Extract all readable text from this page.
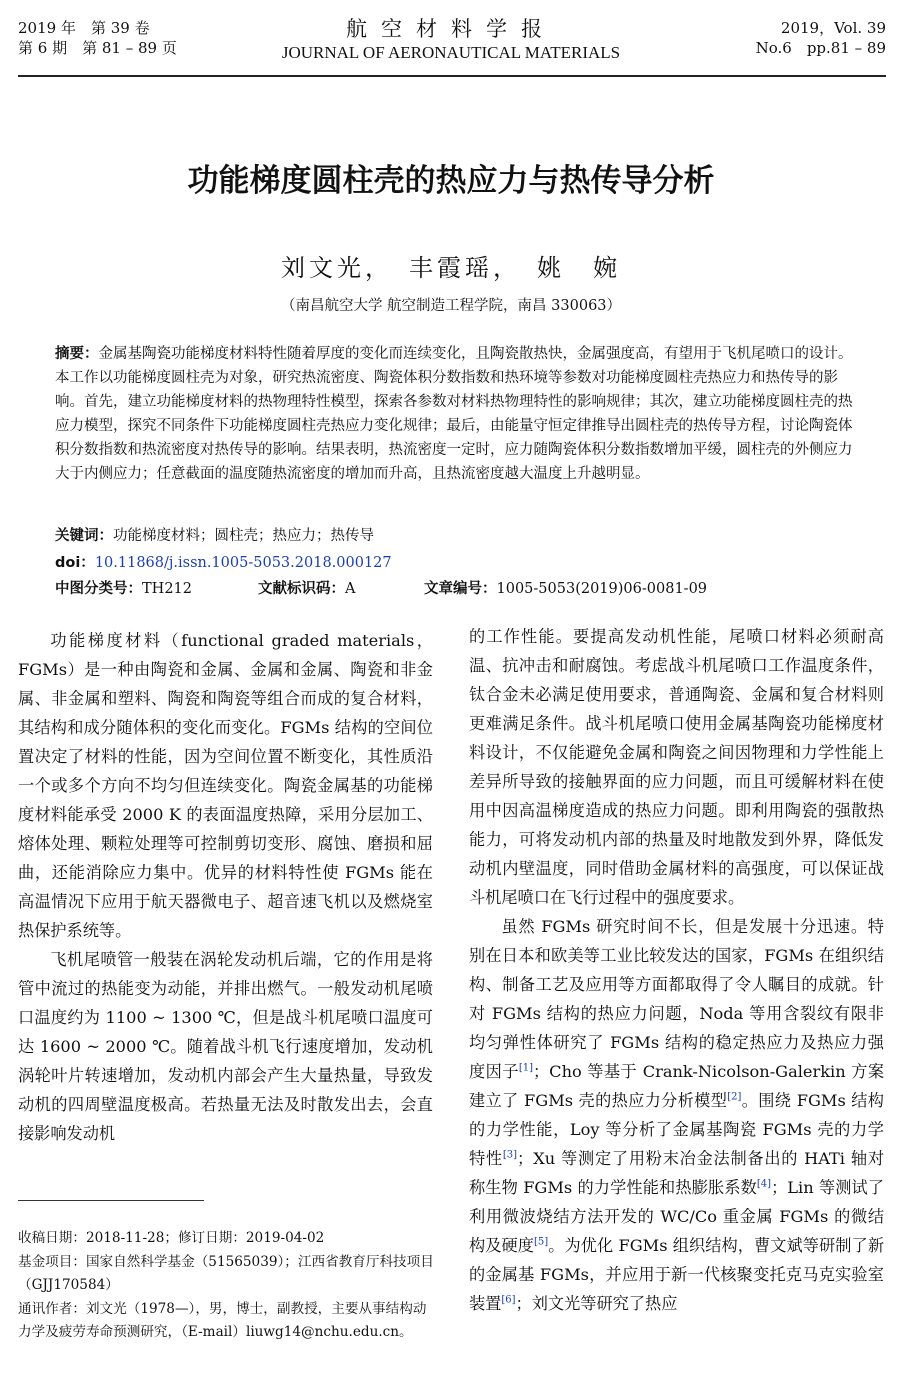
2019 年　第 39 卷
第 6 期　第 81 – 89 页
航空材料学报
JOURNAL OF AERONAUTICAL MATERIALS
2019，Vol. 39
No.6　pp.81 – 89
功能梯度圆柱壳的热应力与热传导分析
刘文光，　丰霞瑶，　姚　婉
（南昌航空大学 航空制造工程学院，南昌 330063）
摘要：金属基陶瓷功能梯度材料特性随着厚度的变化而连续变化，且陶瓷散热快，金属强度高，有望用于飞机尾喷口的设计。本工作以功能梯度圆柱壳为对象，研究热流密度、陶瓷体积分数指数和热环境等参数对功能梯度圆柱壳热应力和热传导的影响。首先，建立功能梯度材料的热物理特性模型，探索各参数对材料热物理特性的影响规律；其次，建立功能梯度圆柱壳的热应力模型，探究不同条件下功能梯度圆柱壳热应力变化规律；最后，由能量守恒定律推导出圆柱壳的热传导方程，讨论陶瓷体积分数指数和热流密度对热传导的影响。结果表明，热流密度一定时，应力随陶瓷体积分数指数增加平缓，圆柱壳的外侧应力大于内侧应力；任意截面的温度随热流密度的增加而升高，且热流密度越大温度上升越明显。
关键词：功能梯度材料；圆柱壳；热应力；热传导
doi：10.11868/j.issn.1005-5053.2018.000127
中图分类号：TH212	文献标识码：A	文章编号：1005-5053(2019)06-0081-09

功能梯度材料（functional graded materials，FGMs）是一种由陶瓷和金属、金属和金属、陶瓷和非金属、非金属和塑料、陶瓷和陶瓷等组合而成的复合材料，其结构和成分随体积的变化而变化。FGMs 结构的空间位置决定了材料的性能，因为空间位置不断变化，其性质沿一个或多个方向不均匀但连续变化。陶瓷金属基的功能梯度材料能承受 2000 K 的表面温度热障，采用分层加工、熔体处理、颗粒处理等可控制剪切变形、腐蚀、磨损和屈曲，还能消除应力集中。优异的材料特性使 FGMs 能在高温情况下应用于航天器微电子、超音速飞机以及燃烧室热保护系统等。

飞机尾喷管一般装在涡轮发动机后端，它的作用是将管中流过的热能变为动能，并排出燃气。一般发动机尾喷口温度约为 1100 ~ 1300 ℃，但是战斗机尾喷口温度可达 1600 ~ 2000 ℃。随着战斗机飞行速度增加，发动机涡轮叶片转速增加，发动机内部会产生大量热量，导致发动机的四周壁温度极高。若热量无法及时散发出去，会直接影响发动机

的工作性能。要提高发动机性能，尾喷口材料必须耐高温、抗冲击和耐腐蚀。考虑战斗机尾喷口工作温度条件，钛合金未必满足使用要求，普通陶瓷、金属和复合材料则更难满足条件。战斗机尾喷口使用金属基陶瓷功能梯度材料设计，不仅能避免金属和陶瓷之间因物理和力学性能上差异所导致的接触界面的应力问题，而且可缓解材料在使用中因高温梯度造成的热应力问题。即利用陶瓷的强散热能力，可将发动机内部的热量及时地散发到外界，降低发动机内壁温度，同时借助金属材料的高强度，可以保证战斗机尾喷口在飞行过程中的强度要求。

虽然 FGMs 研究时间不长，但是发展十分迅速。特别在日本和欧美等工业比较发达的国家，FGMs 在组织结构、制备工艺及应用等方面都取得了令人瞩目的成就。针对 FGMs 结构的热应力问题，Noda 等用含裂纹有限非均匀弹性体研究了 FGMs 结构的稳定热应力及热应力强度因子[1]；Cho 等基于 Crank-Nicolson-Galerkin 方案建立了 FGMs 壳的热应力分析模型[2]。围绕 FGMs 结构的力学性能，Loy 等分析了金属基陶瓷 FGMs 壳的力学特性[3]；Xu 等测定了用粉末冶金法制备出的 HATi 轴对称生物 FGMs 的力学性能和热膨胀系数[4]；Lin 等测试了利用微波烧结方法开发的 WC/Co 重金属 FGMs 的微结构及硬度[5]。为优化 FGMs 组织结构，曹文斌等研制了新的金属基 FGMs，并应用于新一代核聚变托克马克实验室装置[6]；刘文光等研究了热应

收稿日期：2018-11-28；修订日期：2019-04-02

基金项目：国家自然科学基金（51565039）；江西省教育厅科技项目（GJJ170584）

通讯作者：刘文光（1978—），男，博士，副教授，主要从事结构动力学及疲劳寿命预测研究，（E-mail）liuwg14@nchu.edu.cn。
